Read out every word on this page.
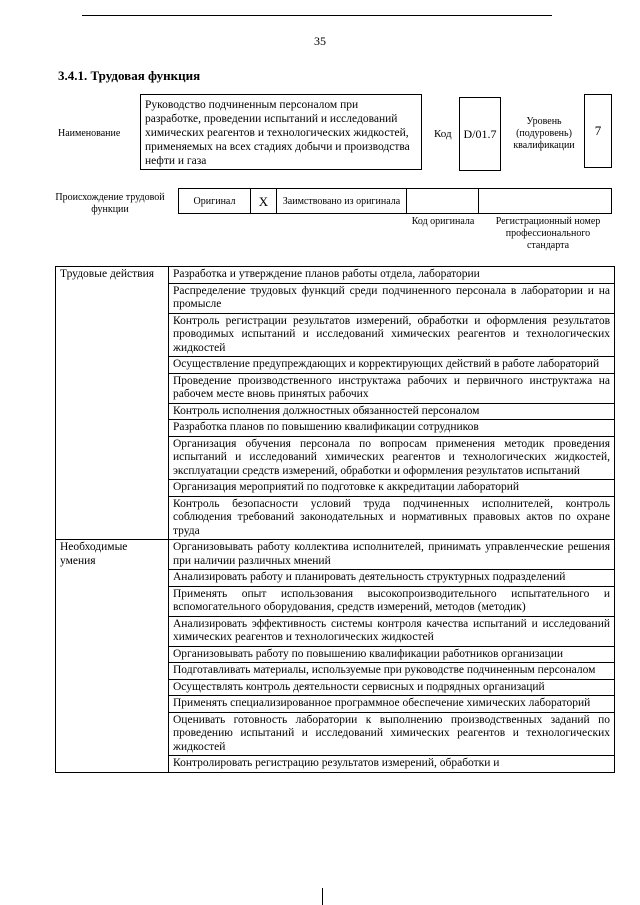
35
3.4.1. Трудовая функция
Наименование
Руководство подчиненным персоналом при разработке, проведении испытаний и исследований химических реагентов и технологических жидкостей, применяемых на всех стадиях добычи и производства нефти и газа
Код D/01.7
Уровень (подуровень) квалификации
7
Происхождение трудовой функции
Оригинал	X	Заимствовано из оригинала
Код оригинала	Регистрационный номер профессионального стандарта
Трудовые действия	Разработка и утверждение планов работы отдела, лаборатории
	Распределение трудовых функций среди подчиненного персонала в лаборатории и на промысле
	Контроль регистрации результатов измерений, обработки и оформления результатов проводимых испытаний и исследований химических реагентов и технологических жидкостей
	Осуществление предупреждающих и корректирующих действий в работе лабораторий
	Проведение производственного инструктажа рабочих и первичного инструктажа на рабочем месте вновь принятых рабочих
	Контроль исполнения должностных обязанностей персоналом
	Разработка планов по повышению квалификации сотрудников
	Организация обучения персонала по вопросам применения методик проведения испытаний и исследований химических реагентов и технологических жидкостей, эксплуатации средств измерений, обработки и оформления результатов испытаний
	Организация мероприятий по подготовке к аккредитации лабораторий
	Контроль безопасности условий труда подчиненных исполнителей, контроль соблюдения требований законодательных и нормативных правовых актов по охране труда
Необходимые умения	Организовывать работу коллектива исполнителей, принимать управленческие решения при наличии различных мнений
	Анализировать работу и планировать деятельность структурных подразделений
	Применять опыт использования высокопроизводительного испытательного и вспомогательного оборудования, средств измерений, методов (методик)
	Анализировать эффективность системы контроля качества испытаний и исследований химических реагентов и технологических жидкостей
	Организовывать работу по повышению квалификации работников организации
	Подготавливать материалы, используемые при руководстве подчиненным персоналом
	Осуществлять контроль деятельности сервисных и подрядных организаций
	Применять специализированное программное обеспечение химических лабораторий
	Оценивать готовность лаборатории к выполнению производственных заданий по проведению испытаний и исследований химических реагентов и технологических жидкостей
	Контролировать регистрацию результатов измерений, обработки и
